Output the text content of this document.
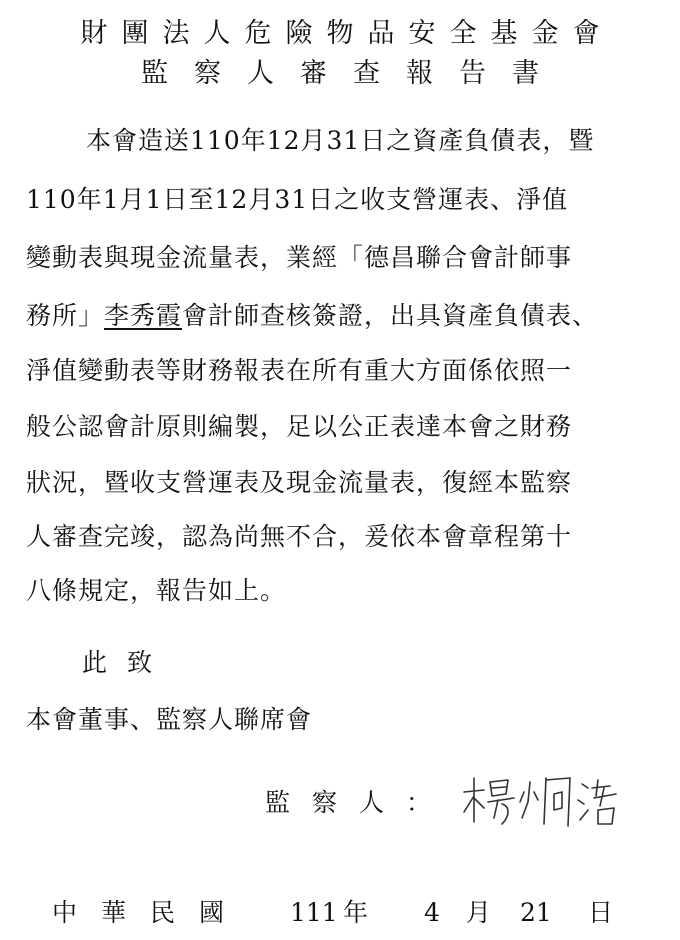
財團法人危險物品安全基金會
監察人審查報告書
本會造送110年12月31日之資產負債表，暨
110年1月1日至12月31日之收支營運表、淨值
變動表與現金流量表，業經「德昌聯合會計師事
務所」李秀霞會計師查核簽證，出具資產負債表、
淨值變動表等財務報表在所有重大方面係依照一
般公認會計原則編製，足以公正表達本會之財務
狀況，暨收支營運表及現金流量表，復經本監察
人審查完竣，認為尚無不合，爰依本會章程第十
八條規定，報告如上。
此致
本會董事、監察人聯席會
監察人：
中華民國 111 年 4 月 21 日
